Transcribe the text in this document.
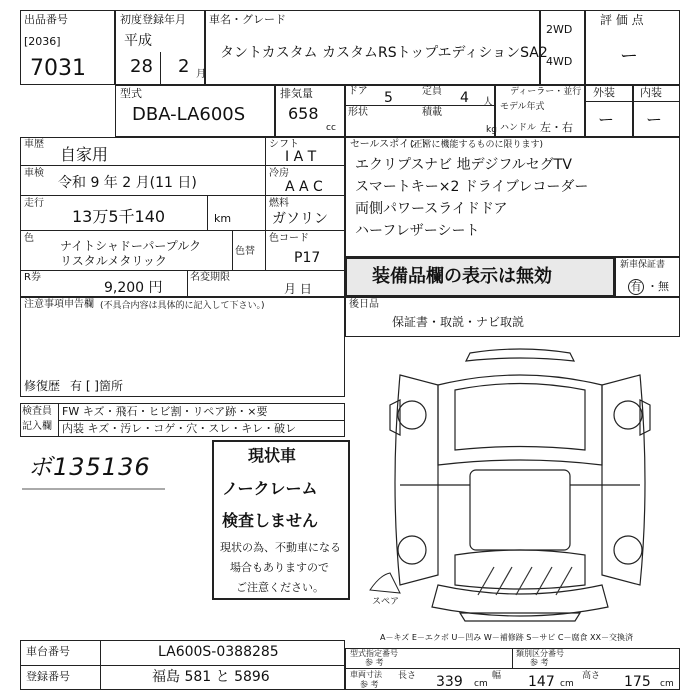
出品番号
[2036]
7031
初度登録年月
平成
28 2 月
車名・グレード
タントカスタム カスタムRSトップエディションSA2
2WD
4WD
評 価 点
ー
型式
DBA-LA600S
排気量
658
cc
ドア 5	定員 4 人
形状	積載
kg
ディーラー・並行
モデル年式
ハンドル 左・右
外装 内装
ー ー
車歴
自家用
シフト
I A T
車検
令和 9 年 2 月(11 日)
冷房
A A C
走行
13万5千140	km
燃料
ガソリン
色
ナイトシャドーパープルク
リスタルメタリック
色替
色コード
P17
R券
9,200 円
名変期限
月 日
注意事項申告欄 (不具合内容は具体的に記入して下さい。)
修復歴 有 [ ]箇所
セールスポイント
(正常に機能するものに限ります)
エクリプスナビ 地デジフルセグTV
スマートキー×2 ドライブレコーダー
両側パワースライドドア
ハーフレザーシート
装備品欄の表示は無効
新車保証書
有 ・無
後日品
保証書・取説・ナビ取説
検査員
記入欄
FW キズ・飛石・ヒビ割・リペア跡・×要
内装 キズ・汚レ・コゲ・穴・スレ・キレ・破レ
ボ135136	現状車
ノークレーム
検査しません
現状の為、不動車になる
場合もありますので
ご注意ください。
スペア
A－キズ E－エクボ U－凹み W－補修跡 S－サビ C－腐食 XX－交換済
車台番号	LA600S-0388285
登録番号	福島 581 と 5896
型式指定番号
参 考
類別区分番号
参 考
車両寸法
参 考
長さ 339 cm
幅 147 cm
高さ 175 cm
